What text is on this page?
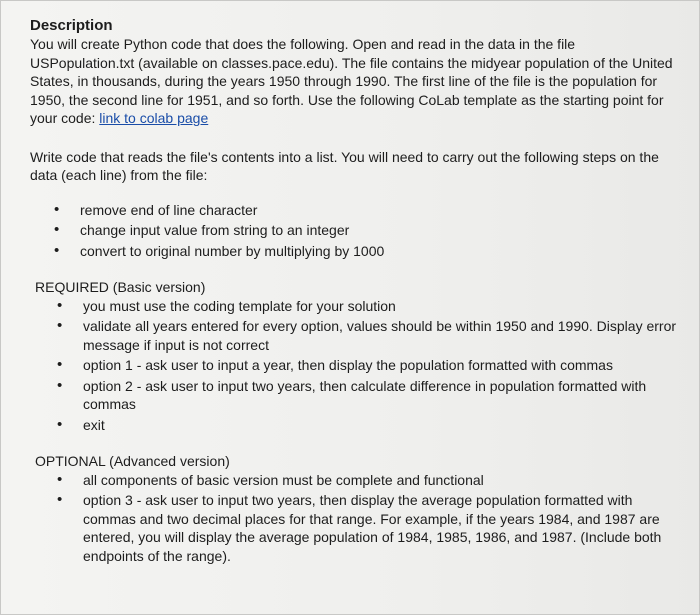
Description

You will create Python code that does the following. Open and read in the data in the file USPopulation.txt (available on classes.pace.edu). The file contains the midyear population of the United States, in thousands, during the years 1950 through 1990. The first line of the file is the population for 1950, the second line for 1951, and so forth. Use the following CoLab template as the starting point for your code: link to colab page

Write code that reads the file's contents into a list. You will need to carry out the following steps on the data (each line) from the file:

• remove end of line character
• change input value from string to an integer
• convert to original number by multiplying by 1000

REQUIRED (Basic version)

• you must use the coding template for your solution
• validate all years entered for every option, values should be within 1950 and 1990. Display error message if input is not correct
• option 1 - ask user to input a year, then display the population formatted with commas
• option 2 - ask user to input two years, then calculate difference in population formatted with commas
• exit

OPTIONAL (Advanced version)

• all components of basic version must be complete and functional
• option 3 - ask user to input two years, then display the average population formatted with commas and two decimal places for that range. For example, if the years 1984, and 1987 are entered, you will display the average population of 1984, 1985, 1986, and 1987. (Include both endpoints of the range).
